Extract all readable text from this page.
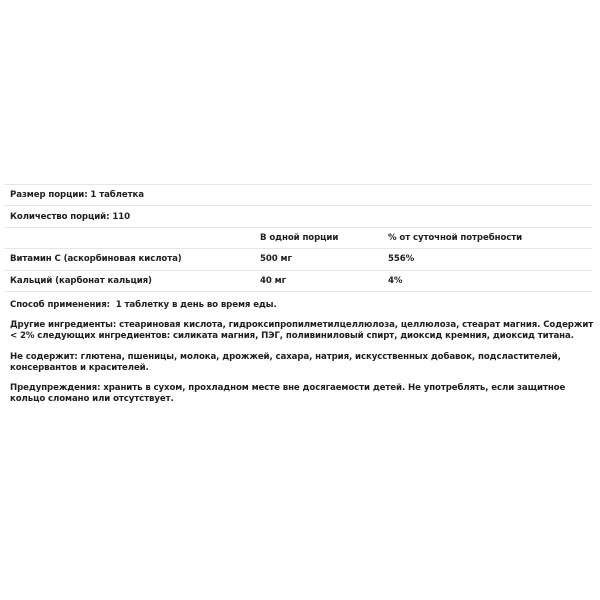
Размер порции: 1 таблетка		
Количество порций: 110		
	В одной порции	% от суточной потребности
Витамин С (аскорбиновая кислота)	500 мг	556%
Кальций (карбонат кальция)	40 мг	4%

Способ применения:  1 таблетку в день во время еды.

Другие ингредиенты: стеариновая кислота, гидроксипропилметилцеллюлоза, целлюлоза, стеарат магния. Содержит < 2% следующих ингредиентов: силиката магния, ПЭГ, поливиниловый спирт, диоксид кремния, диоксид титана.

Не содержит: глютена, пшеницы, молока, дрожжей, сахара, натрия, искусственных добавок, подсластителей, консервантов и красителей.

Предупреждения: хранить в сухом, прохладном месте вне досягаемости детей. Не употреблять, если защитное кольцо сломано или отсутствует.
